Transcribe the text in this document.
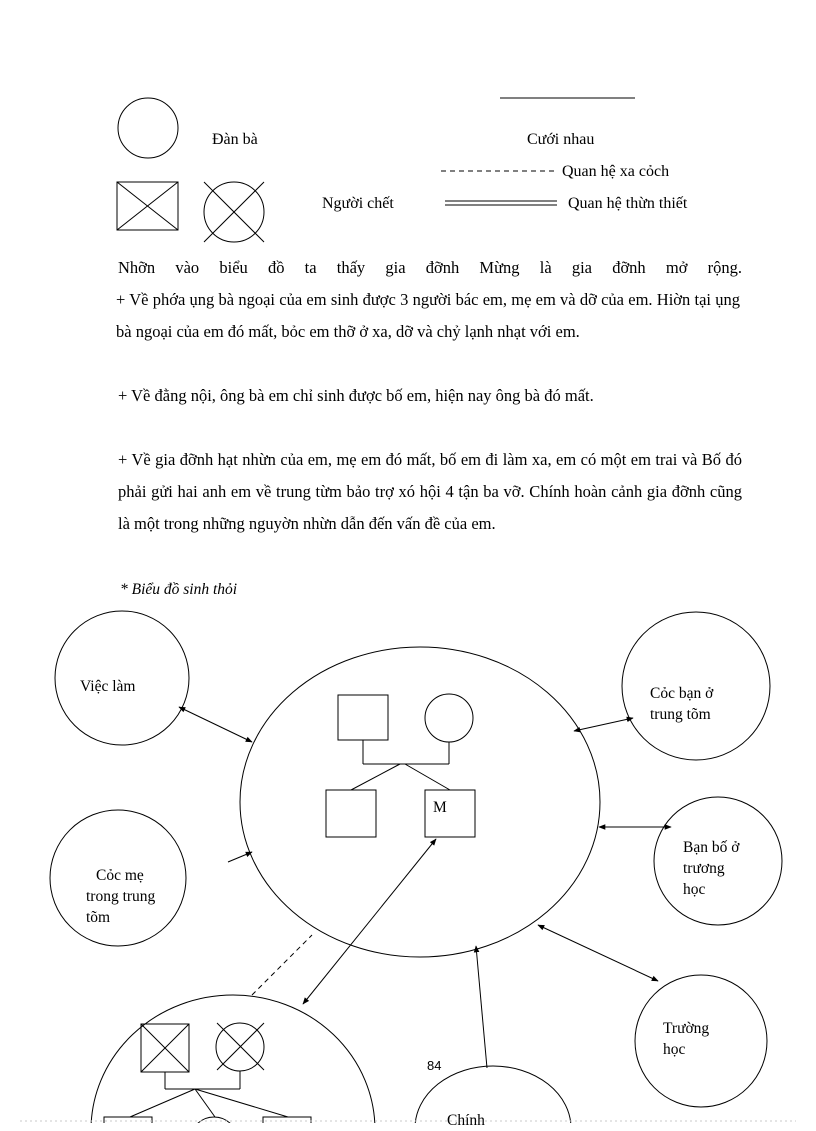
Đàn bà	Cưới nhau
Quan hệ xa cỏch
Người chết	Quan hệ thừn thiết
Nhỡn vào biểu đồ ta thấy gia đỡnh Mừng là gia đỡnh mở rộng.
+ Về phớa ụng bà ngoại của em sinh được 3 người bác em, mẹ em và dỡ của em. Hiờn tại ụng bà ngoại của em đó mất, bỏc em thỡ ở xa, dỡ và chỷ lạnh nhạt với em.
+ Về đằng nội, ông bà em chỉ sinh được bố em, hiện nay ông bà đó mất.
+ Về gia đỡnh hạt nhừn của em, mẹ em đó mất, bố em đi làm xa, em có một em trai và Bố đó phải gửi hai anh em về trung từm bảo trợ xó hội 4 tận ba vỡ. Chính hoàn cảnh gia đỡnh cũng là một trong những nguyờn nhừn dẫn đến vấn đề của em.
* Biểu đồ sinh thỏi
M
Việc làm	Cỏc bạn ở
trung tõm
Cỏc mẹ
trong trung
tõm
Bạn bố ở
trương
học
Trường
học
Chính
84
